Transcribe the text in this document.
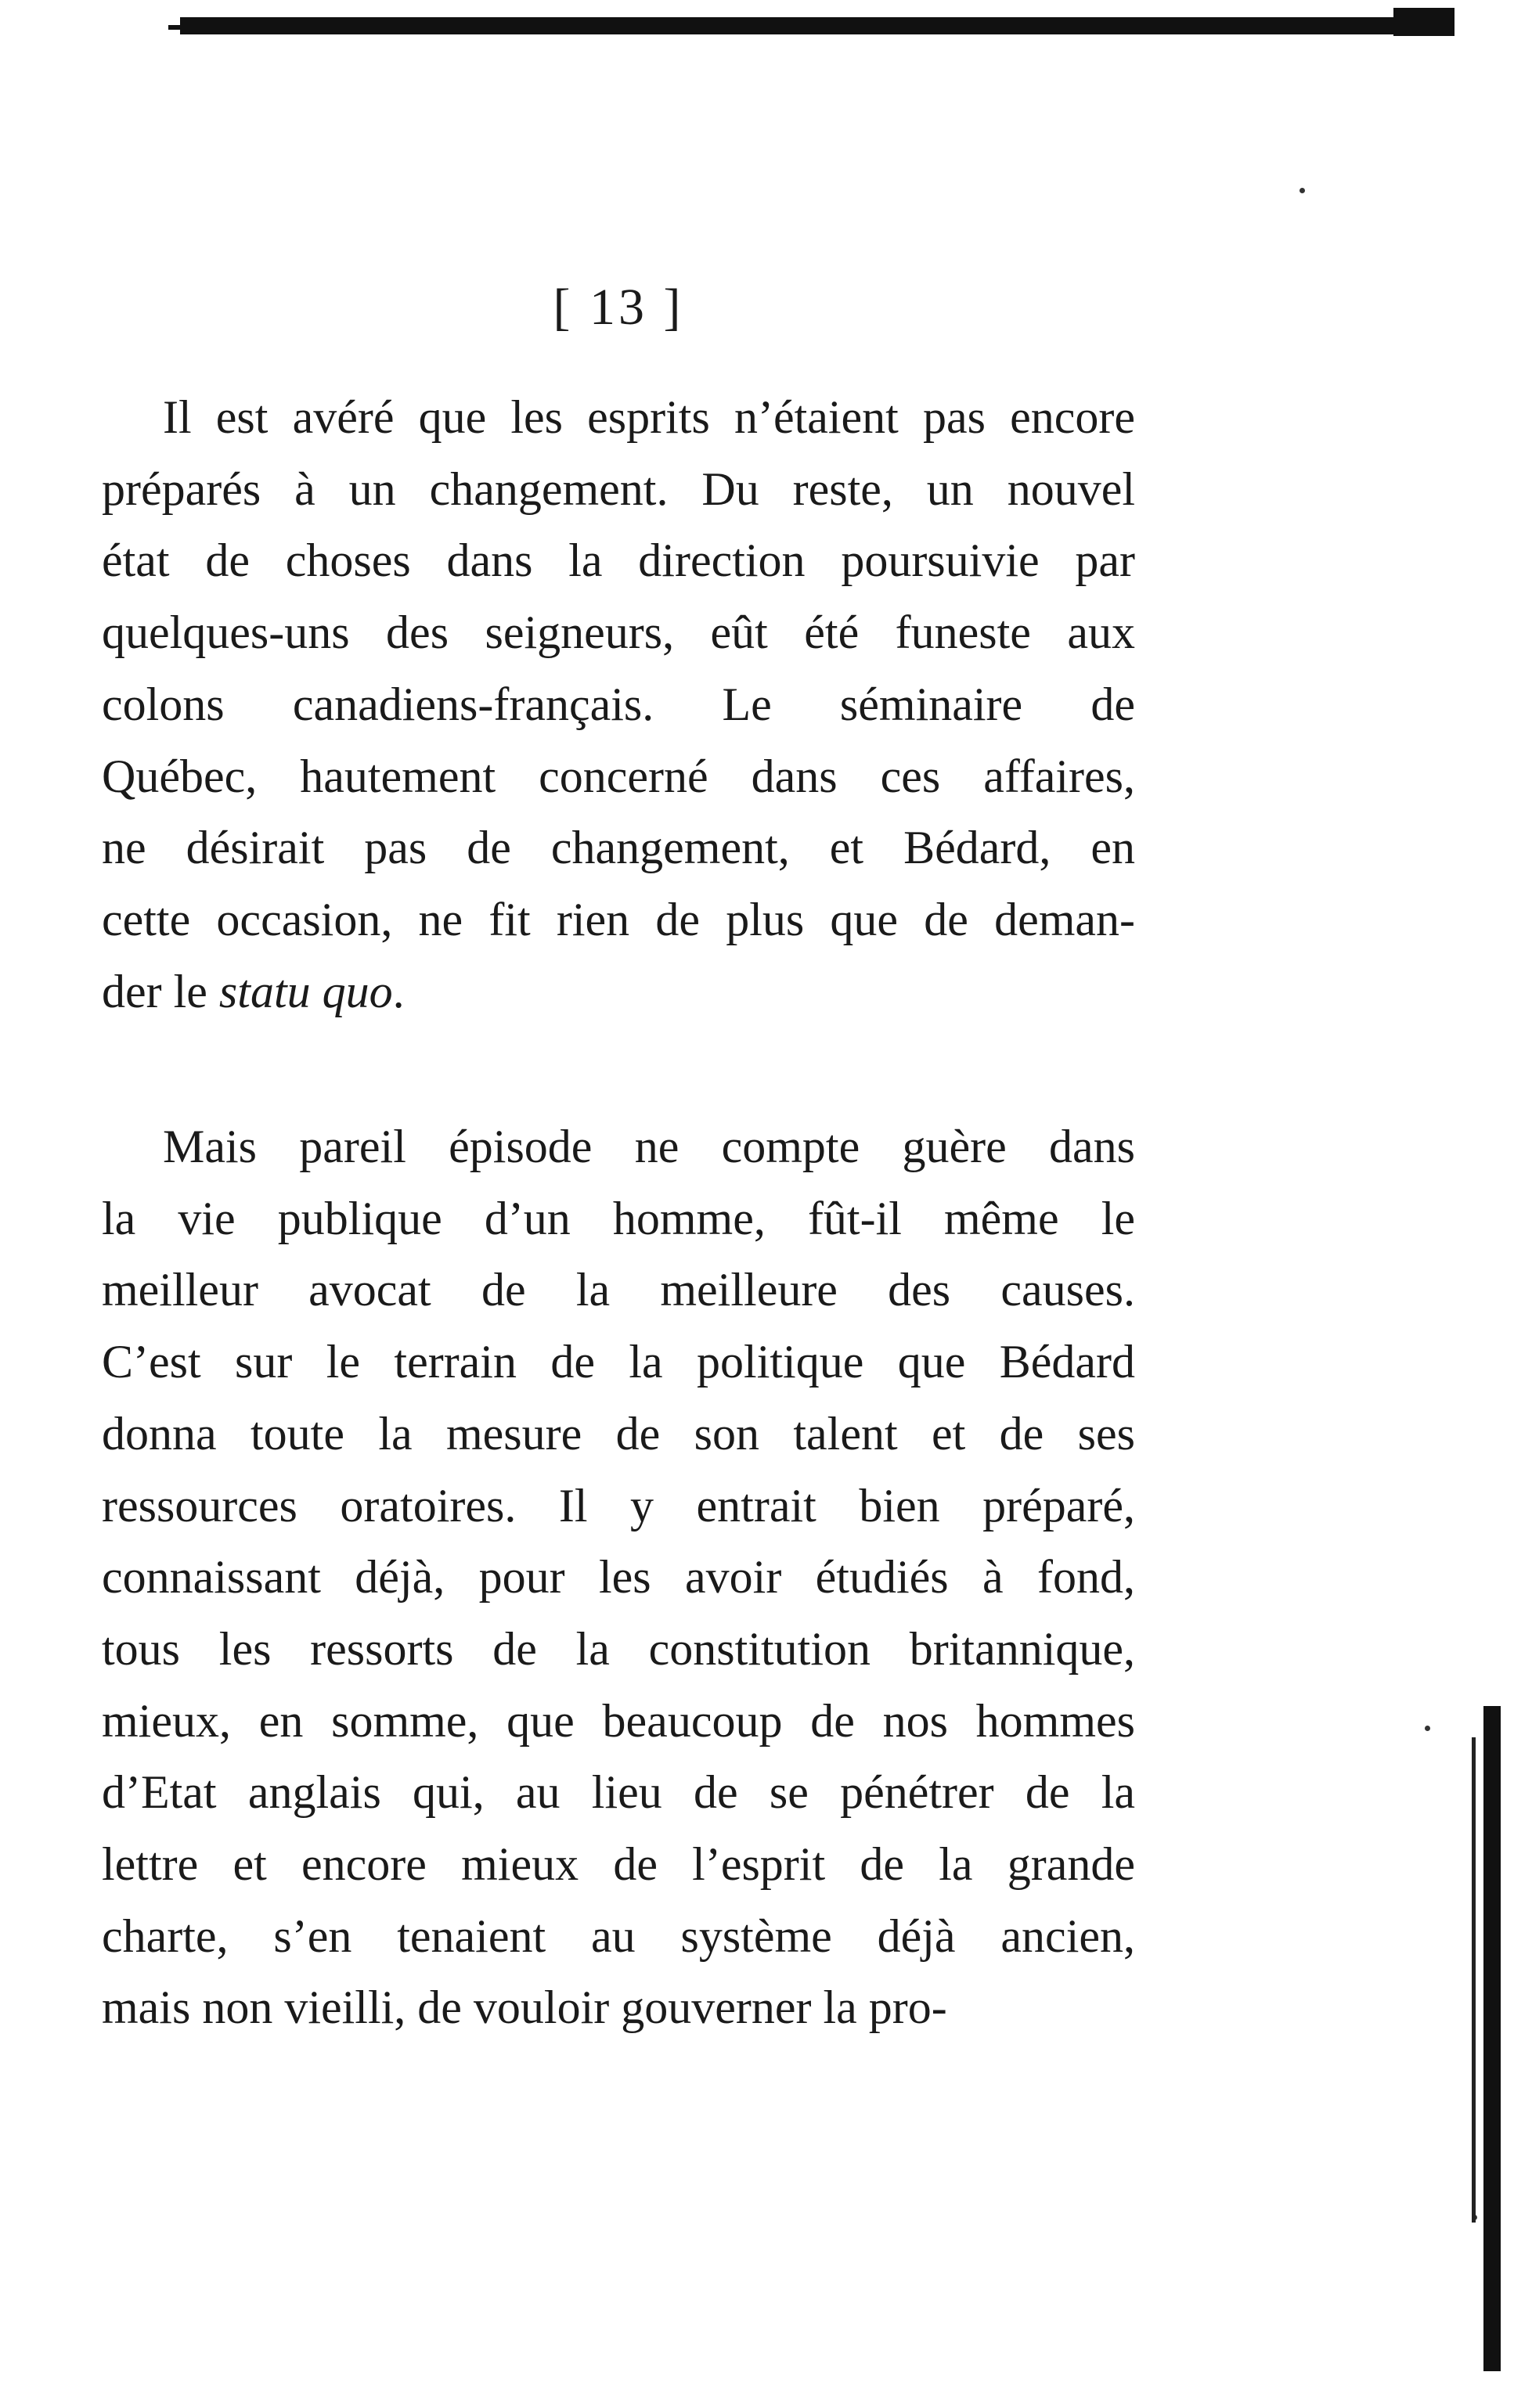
[ 13 ]
Il est avéré que les esprits n’étaient pas encore
préparés à un changement. Du reste, un nouvel
état de choses dans la direction poursuivie par
quelques-uns des seigneurs, eût été funeste aux
colons canadiens-français. Le séminaire de
Québec, hautement concerné dans ces affaires,
ne désirait pas de changement, et Bédard, en
cette occasion, ne fit rien de plus que de deman-
der le statu quo.
Mais pareil épisode ne compte guère dans
la vie publique d’un homme, fût-il même le
meilleur avocat de la meilleure des causes.
C’est sur le terrain de la politique que Bédard
donna toute la mesure de son talent et de ses
ressources oratoires. Il y entrait bien préparé,
connaissant déjà, pour les avoir étudiés à fond,
tous les ressorts de la constitution britannique,
mieux, en somme, que beaucoup de nos hommes
d’Etat anglais qui, au lieu de se pénétrer de la
lettre et encore mieux de l’esprit de la grande
charte, s’en tenaient au système déjà ancien,
mais non vieilli, de vouloir gouverner la pro-
